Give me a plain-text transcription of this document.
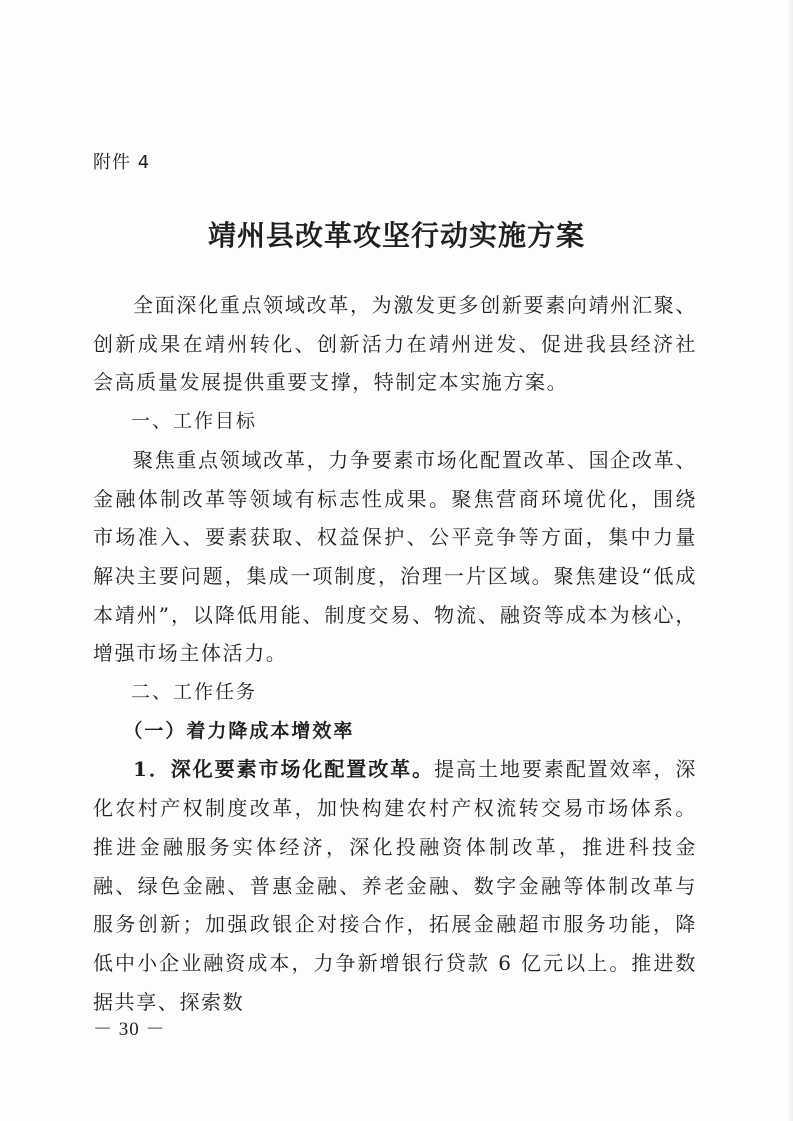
附件 4
靖州县改革攻坚行动实施方案

全面深化重点领域改革，为激发更多创新要素向靖州汇聚、创新成果在靖州转化、创新活力在靖州迸发、促进我县经济社会高质量发展提供重要支撑，特制定本实施方案。

一、工作目标

聚焦重点领域改革，力争要素市场化配置改革、国企改革、金融体制改革等领域有标志性成果。聚焦营商环境优化，围绕市场准入、要素获取、权益保护、公平竞争等方面，集中力量解决主要问题，集成一项制度，治理一片区域。聚焦建设“低成本靖州”，以降低用能、制度交易、物流、融资等成本为核心，增强市场主体活力。

二、工作任务

（一）着力降成本增效率

1．深化要素市场化配置改革。提高土地要素配置效率，深化农村产权制度改革，加快构建农村产权流转交易市场体系。推进金融服务实体经济，深化投融资体制改革，推进科技金融、绿色金融、普惠金融、养老金融、数字金融等体制改革与服务创新；加强政银企对接合作，拓展金融超市服务功能，降低中小企业融资成本，力争新增银行贷款 6 亿元以上。推进数据共享、探索数

－ 30 －
